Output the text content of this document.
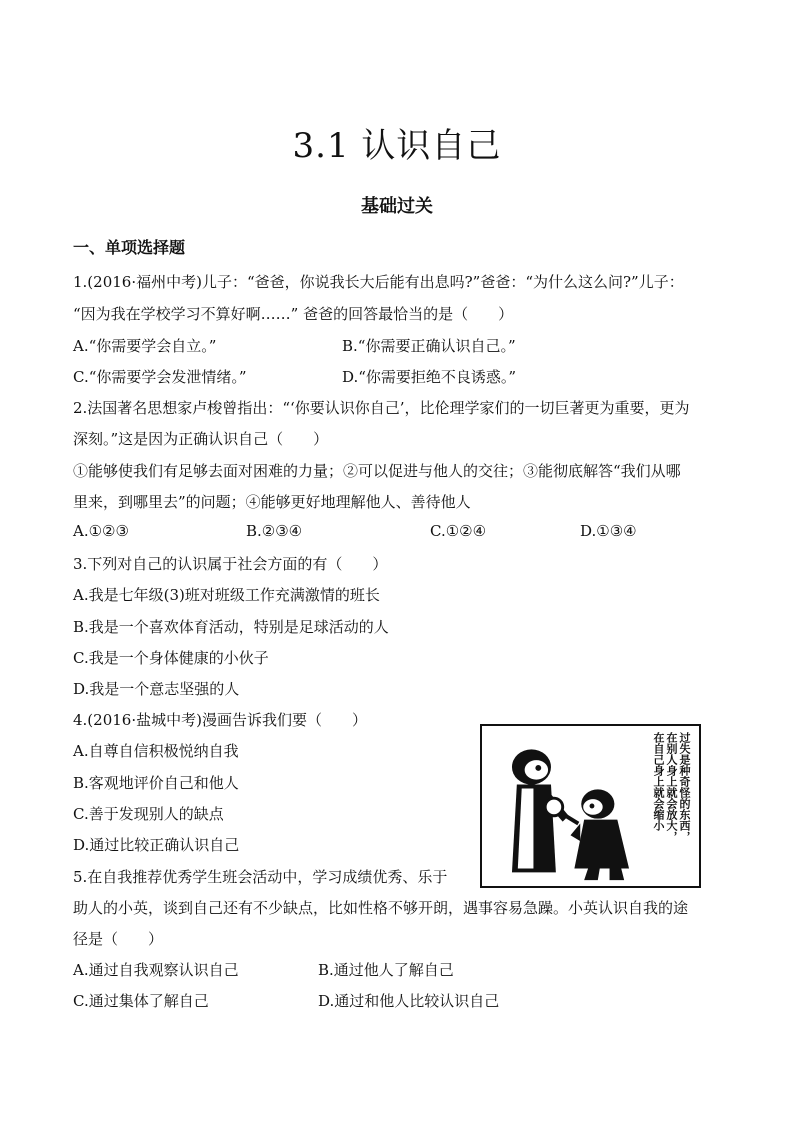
3.1 认识自己
基础过关
一、单项选择题
1.(2016·福州中考)儿子：“爸爸，你说我长大后能有出息吗?”爸爸：“为什么这么问?”儿子：
“因为我在学校学习不算好啊……” 爸爸的回答最恰当的是（　　）
A.“你需要学会自立。”	B.“你需要正确认识自己。”
C.“你需要学会发泄情绪。”	D.“你需要拒绝不良诱惑。”
2.法国著名思想家卢梭曾指出：“‘你要认识你自己’，比伦理学家们的一切巨著更为重要，更为
深刻。”这是因为正确认识自己（　　）
①能够使我们有足够去面对困难的力量；②可以促进与他人的交往；③能彻底解答“我们从哪
里来，到哪里去”的问题；④能够更好地理解他人、善待他人
A.①②③	B.②③④	C.①②④	D.①③④
3.下列对自己的认识属于社会方面的有（　　）
A.我是七年级(3)班对班级工作充满激情的班长
B.我是一个喜欢体育活动，特别是足球活动的人
C.我是一个身体健康的小伙子
D.我是一个意志坚强的人
4.(2016·盐城中考)漫画告诉我们要（　　）
A.自尊自信积极悦纳自我
B.客观地评价自己和他人
C.善于发现别人的缺点
D.通过比较正确认识自己
过失是种奇怪的东西，
在别人身上就会放大，
在自己身上就会缩小
5.在自我推荐优秀学生班会活动中，学习成绩优秀、乐于
助人的小英，谈到自己还有不少缺点，比如性格不够开朗，遇事容易急躁。小英认识自我的途
径是（　　）
A.通过自我观察认识自己	B.通过他人了解自己
C.通过集体了解自己	D.通过和他人比较认识自己
